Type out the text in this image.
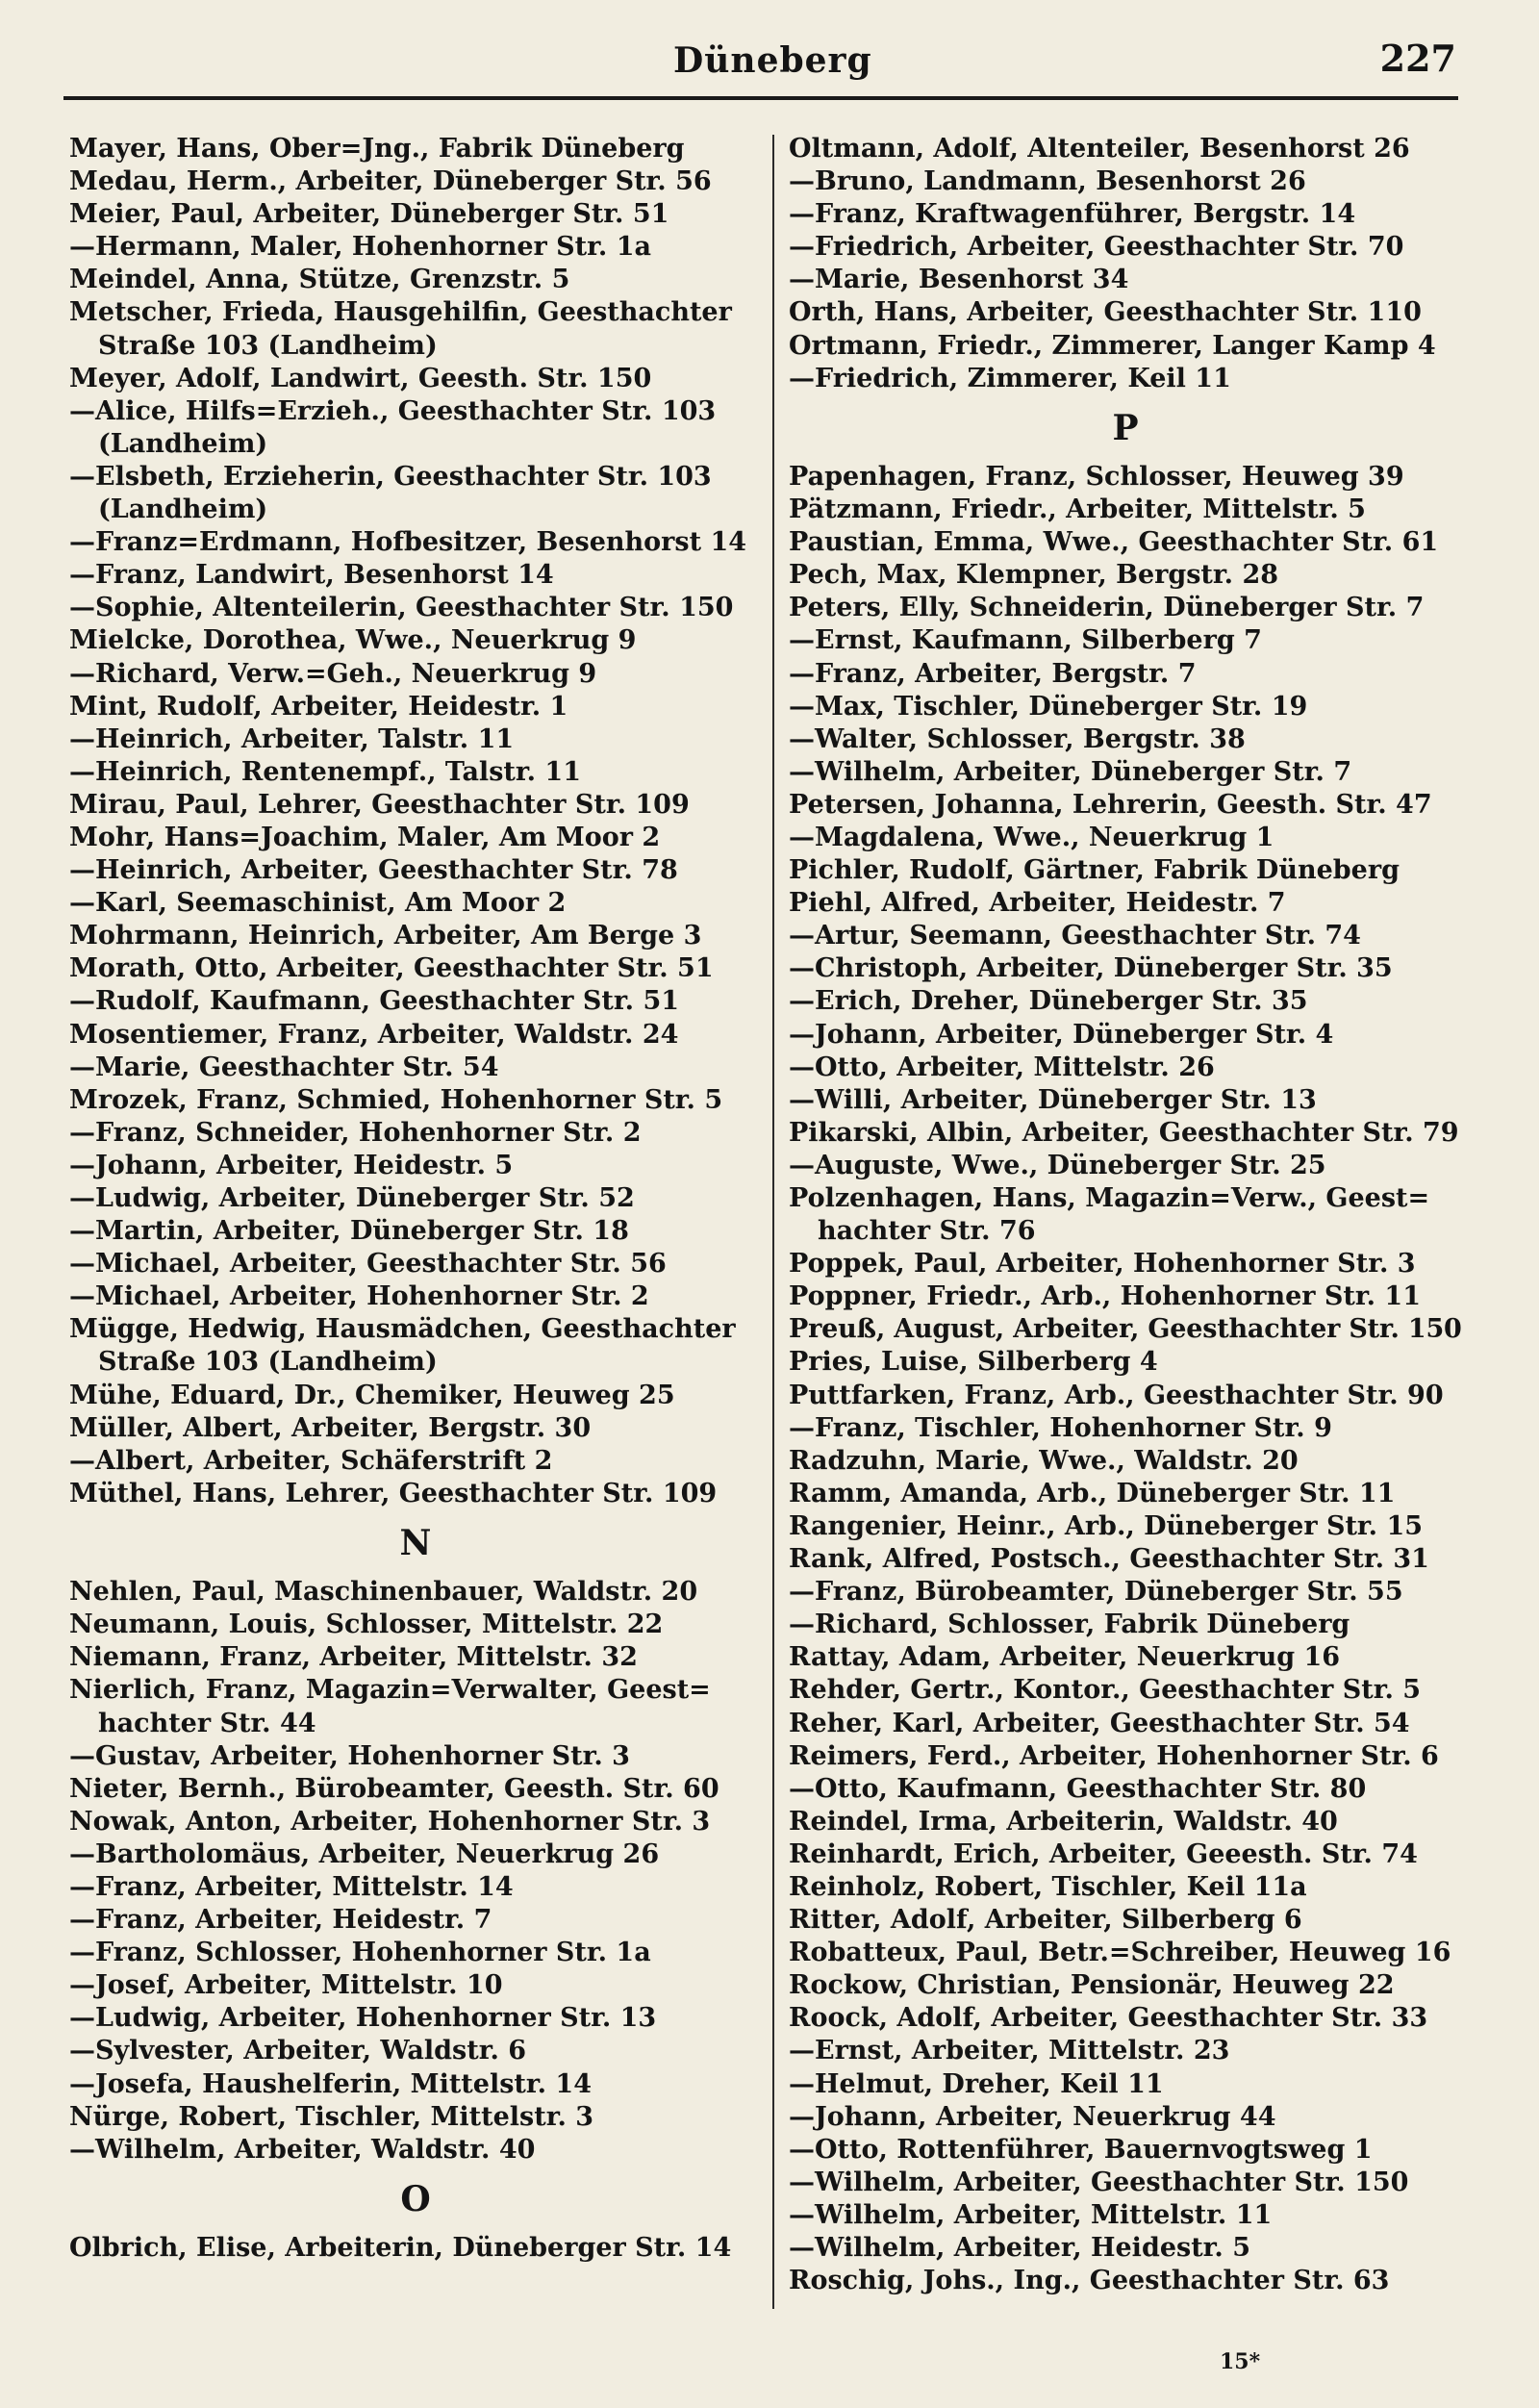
Düneberg	227
Mayer, Hans, Ober=Jng., Fabrik Düneberg
Medau, Herm., Arbeiter, Düneberger Str. 56
Meier, Paul, Arbeiter, Düneberger Str. 51
—Hermann, Maler, Hohenhorner Str. 1a
Meindel, Anna, Stütze, Grenzstr. 5
Metscher, Frieda, Hausgehilfin, Geesthachter
Straße 103 (Landheim)
Meyer, Adolf, Landwirt, Geesth. Str. 150
—Alice, Hilfs=Erzieh., Geesthachter Str. 103
(Landheim)
—Elsbeth, Erzieherin, Geesthachter Str. 103
(Landheim)
—Franz=Erdmann, Hofbesitzer, Besenhorst 14
—Franz, Landwirt, Besenhorst 14
—Sophie, Altenteilerin, Geesthachter Str. 150
Mielcke, Dorothea, Wwe., Neuerkrug 9
—Richard, Verw.=Geh., Neuerkrug 9
Mint, Rudolf, Arbeiter, Heidestr. 1
—Heinrich, Arbeiter, Talstr. 11
—Heinrich, Rentenempf., Talstr. 11
Mirau, Paul, Lehrer, Geesthachter Str. 109
Mohr, Hans=Joachim, Maler, Am Moor 2
—Heinrich, Arbeiter, Geesthachter Str. 78
—Karl, Seemaschinist, Am Moor 2
Mohrmann, Heinrich, Arbeiter, Am Berge 3
Morath, Otto, Arbeiter, Geesthachter Str. 51
—Rudolf, Kaufmann, Geesthachter Str. 51
Mosentiemer, Franz, Arbeiter, Waldstr. 24
—Marie, Geesthachter Str. 54
Mrozek, Franz, Schmied, Hohenhorner Str. 5
—Franz, Schneider, Hohenhorner Str. 2
—Johann, Arbeiter, Heidestr. 5
—Ludwig, Arbeiter, Düneberger Str. 52
—Martin, Arbeiter, Düneberger Str. 18
—Michael, Arbeiter, Geesthachter Str. 56
—Michael, Arbeiter, Hohenhorner Str. 2
Mügge, Hedwig, Hausmädchen, Geesthachter
Straße 103 (Landheim)
Mühe, Eduard, Dr., Chemiker, Heuweg 25
Müller, Albert, Arbeiter, Bergstr. 30
—Albert, Arbeiter, Schäferstrift 2
Müthel, Hans, Lehrer, Geesthachter Str. 109
N
Nehlen, Paul, Maschinenbauer, Waldstr. 20
Neumann, Louis, Schlosser, Mittelstr. 22
Niemann, Franz, Arbeiter, Mittelstr. 32
Nierlich, Franz, Magazin=Verwalter, Geest=
hachter Str. 44
—Gustav, Arbeiter, Hohenhorner Str. 3
Nieter, Bernh., Bürobeamter, Geesth. Str. 60
Nowak, Anton, Arbeiter, Hohenhorner Str. 3
—Bartholomäus, Arbeiter, Neuerkrug 26
—Franz, Arbeiter, Mittelstr. 14
—Franz, Arbeiter, Heidestr. 7
—Franz, Schlosser, Hohenhorner Str. 1a
—Josef, Arbeiter, Mittelstr. 10
—Ludwig, Arbeiter, Hohenhorner Str. 13
—Sylvester, Arbeiter, Waldstr. 6
—Josefa, Haushelferin, Mittelstr. 14
Nürge, Robert, Tischler, Mittelstr. 3
—Wilhelm, Arbeiter, Waldstr. 40
O
Olbrich, Elise, Arbeiterin, Düneberger Str. 14
Oltmann, Adolf, Altenteiler, Besenhorst 26
—Bruno, Landmann, Besenhorst 26
—Franz, Kraftwagenführer, Bergstr. 14
—Friedrich, Arbeiter, Geesthachter Str. 70
—Marie, Besenhorst 34
Orth, Hans, Arbeiter, Geesthachter Str. 110
Ortmann, Friedr., Zimmerer, Langer Kamp 4
—Friedrich, Zimmerer, Keil 11
P
Papenhagen, Franz, Schlosser, Heuweg 39
Pätzmann, Friedr., Arbeiter, Mittelstr. 5
Paustian, Emma, Wwe., Geesthachter Str. 61
Pech, Max, Klempner, Bergstr. 28
Peters, Elly, Schneiderin, Düneberger Str. 7
—Ernst, Kaufmann, Silberberg 7
—Franz, Arbeiter, Bergstr. 7
—Max, Tischler, Düneberger Str. 19
—Walter, Schlosser, Bergstr. 38
—Wilhelm, Arbeiter, Düneberger Str. 7
Petersen, Johanna, Lehrerin, Geesth. Str. 47
—Magdalena, Wwe., Neuerkrug 1
Pichler, Rudolf, Gärtner, Fabrik Düneberg
Piehl, Alfred, Arbeiter, Heidestr. 7
—Artur, Seemann, Geesthachter Str. 74
—Christoph, Arbeiter, Düneberger Str. 35
—Erich, Dreher, Düneberger Str. 35
—Johann, Arbeiter, Düneberger Str. 4
—Otto, Arbeiter, Mittelstr. 26
—Willi, Arbeiter, Düneberger Str. 13
Pikarski, Albin, Arbeiter, Geesthachter Str. 79
—Auguste, Wwe., Düneberger Str. 25
Polzenhagen, Hans, Magazin=Verw., Geest=
hachter Str. 76
Poppek, Paul, Arbeiter, Hohenhorner Str. 3
Poppner, Friedr., Arb., Hohenhorner Str. 11
Preuß, August, Arbeiter, Geesthachter Str. 150
Pries, Luise, Silberberg 4
Puttfarken, Franz, Arb., Geesthachter Str. 90
—Franz, Tischler, Hohenhorner Str. 9
Radzuhn, Marie, Wwe., Waldstr. 20
Ramm, Amanda, Arb., Düneberger Str. 11
Rangenier, Heinr., Arb., Düneberger Str. 15
Rank, Alfred, Postsch., Geesthachter Str. 31
—Franz, Bürobeamter, Düneberger Str. 55
—Richard, Schlosser, Fabrik Düneberg
Rattay, Adam, Arbeiter, Neuerkrug 16
Rehder, Gertr., Kontor., Geesthachter Str. 5
Reher, Karl, Arbeiter, Geesthachter Str. 54
Reimers, Ferd., Arbeiter, Hohenhorner Str. 6
—Otto, Kaufmann, Geesthachter Str. 80
Reindel, Irma, Arbeiterin, Waldstr. 40
Reinhardt, Erich, Arbeiter, Geeesth. Str. 74
Reinholz, Robert, Tischler, Keil 11a
Ritter, Adolf, Arbeiter, Silberberg 6
Robatteux, Paul, Betr.=Schreiber, Heuweg 16
Rockow, Christian, Pensionär, Heuweg 22
Roock, Adolf, Arbeiter, Geesthachter Str. 33
—Ernst, Arbeiter, Mittelstr. 23
—Helmut, Dreher, Keil 11
—Johann, Arbeiter, Neuerkrug 44
—Otto, Rottenführer, Bauernvogtsweg 1
—Wilhelm, Arbeiter, Geesthachter Str. 150
—Wilhelm, Arbeiter, Mittelstr. 11
—Wilhelm, Arbeiter, Heidestr. 5
Roschig, Johs., Ing., Geesthachter Str. 63
15*
